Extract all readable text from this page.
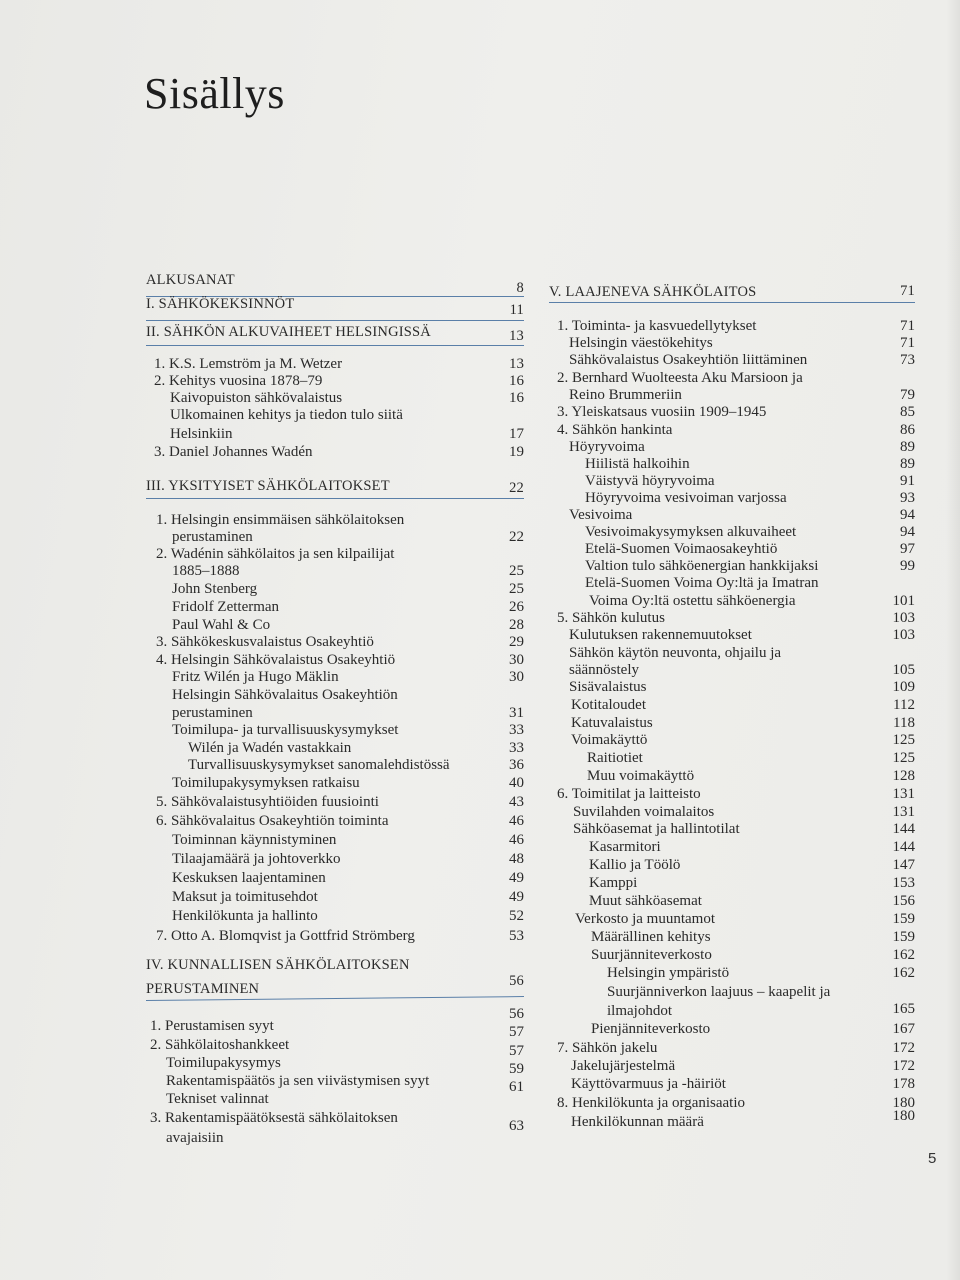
Sisällys
ALKUSANAT	8
I. SÄHKÖKEKSINNÖT	11
II. SÄHKÖN ALKUVAIHEET HELSINGISSÄ	13
1. K.S. Lemström ja M. Wetzer	13
2. Kehitys vuosina 1878–79	16
Kaivopuiston sähkövalaistus	16
Ulkomainen kehitys ja tiedon tulo siitä
Helsinkiin	17
3. Daniel Johannes Wadén	19
III. YKSITYISET SÄHKÖLAITOKSET	22
1. Helsingin ensimmäisen sähkölaitoksen
perustaminen	22
2. Wadénin sähkölaitos ja sen kilpailijat
1885–1888	25
John Stenberg	25
Fridolf Zetterman	26
Paul Wahl & Co	28
3. Sähkökeskusvalaistus Osakeyhtiö	29
4. Helsingin Sähkövalaistus Osakeyhtiö	30
Fritz Wilén ja Hugo Mäklin	30
Helsingin Sähkövalaitus Osakeyhtiön
perustaminen	31
Toimilupa- ja turvallisuuskysymykset	33
Wilén ja Wadén vastakkain	33
Turvallisuuskysymykset sanomalehdistössä	36
Toimilupakysymyksen ratkaisu	40
5. Sähkövalaistusyhtiöiden fuusiointi	43
6. Sähkövalaitus Osakeyhtiön toiminta	46
Toiminnan käynnistyminen	46
Tilaajamäärä ja johtoverkko	48
Keskuksen laajentaminen	49
Maksut ja toimitusehdot	49
Henkilökunta ja hallinto	52
7. Otto A. Blomqvist ja Gottfrid Strömberg	53
IV. KUNNALLISEN SÄHKÖLAITOKSEN
PERUSTAMINEN	56
56
1. Perustamisen syyt	57
2. Sähkölaitoshankkeet	57
Toimilupakysymys	59
Rakentamispäätös ja sen viivästymisen syyt	61
Tekniset valinnat
3. Rakentamispäätöksestä sähkölaitoksen	63
avajaisiin
V. LAAJENEVA SÄHKÖLAITOS	71
1. Toiminta- ja kasvuedellytykset	71
Helsingin väestökehitys	71
Sähkövalaistus Osakeyhtiön liittäminen	73
2. Bernhard Wuolteesta Aku Marsioon ja
Reino Brummeriin	79
3. Yleiskatsaus vuosiin 1909–1945	85
4. Sähkön hankinta	86
Höyryvoima	89
Hiilistä halkoihin	89
Väistyvä höyryvoima	91
Höyryvoima vesivoiman varjossa	93
Vesivoima	94
Vesivoimakysymyksen alkuvaiheet	94
Etelä-Suomen Voimaosakeyhtiö	97
Valtion tulo sähköenergian hankkijaksi	99
Etelä-Suomen Voima Oy:ltä ja Imatran
Voima Oy:ltä ostettu sähköenergia	101
5. Sähkön kulutus	103
Kulutuksen rakennemuutokset	103
Sähkön käytön neuvonta, ohjailu ja
säännöstely	105
Sisävalaistus	109
Kotitaloudet	112
Katuvalaistus	118
Voimakäyttö	125
Raitiotiet	125
Muu voimakäyttö	128
6. Toimitilat ja laitteisto	131
Suvilahden voimalaitos	131
Sähköasemat ja hallintotilat	144
Kasarmitori	144
Kallio ja Töölö	147
Kamppi	153
Muut sähköasemat	156
Verkosto ja muuntamot	159
Määrällinen kehitys	159
Suurjänniteverkosto	162
Helsingin ympäristö	162
Suurjänniverkon laajuus – kaapelit ja
ilmajohdot	165
Pienjänniteverkosto	167
7. Sähkön jakelu	172
Jakelujärjestelmä	172
Käyttövarmuus ja -häiriöt	178
8. Henkilökunta ja organisaatio	180
Henkilökunnan määrä	180
5
